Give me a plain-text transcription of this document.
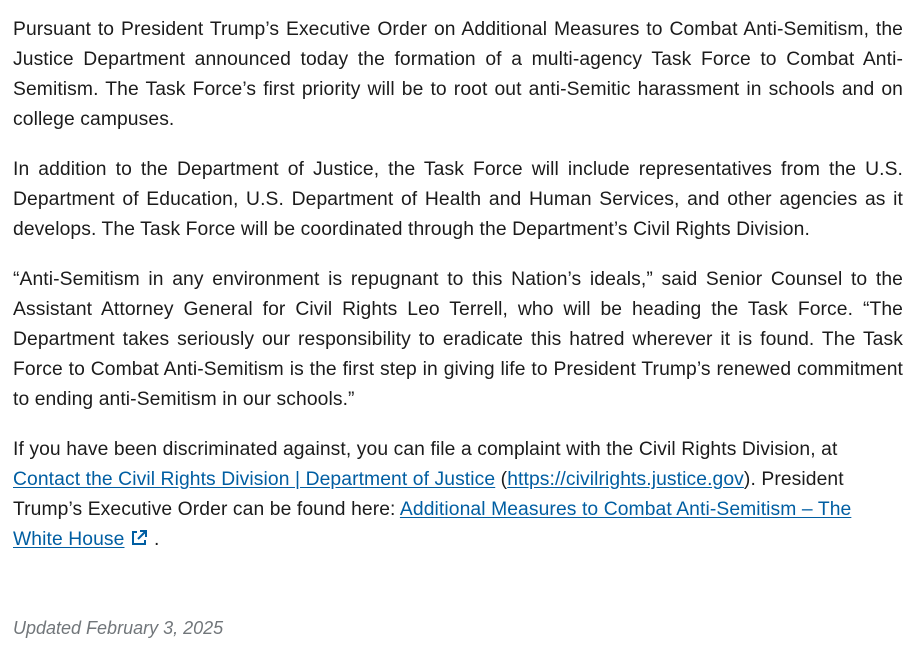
Pursuant to President Trump’s Executive Order on Additional Measures to Combat Anti-Semitism, the Justice Department announced today the formation of a multi-agency Task Force to Combat Anti-Semitism. The Task Force’s first priority will be to root out anti-Semitic harassment in schools and on college campuses.

In addition to the Department of Justice, the Task Force will include representatives from the U.S. Department of Education, U.S. Department of Health and Human Services, and other agencies as it develops. The Task Force will be coordinated through the Department’s Civil Rights Division.

“Anti-Semitism in any environment is repugnant to this Nation’s ideals,” said Senior Counsel to the Assistant Attorney General for Civil Rights Leo Terrell, who will be heading the Task Force. “The Department takes seriously our responsibility to eradicate this hatred wherever it is found. The Task Force to Combat Anti-Semitism is the first step in giving life to President Trump’s renewed commitment to ending anti-Semitism in our schools.”

If you have been discriminated against, you can file a complaint with the Civil Rights Division, at Contact the Civil Rights Division | Department of Justice (https://civilrights.justice.gov). President Trump’s Executive Order can be found here: Additional Measures to Combat Anti-Semitism – The White House .

Updated February 3, 2025
